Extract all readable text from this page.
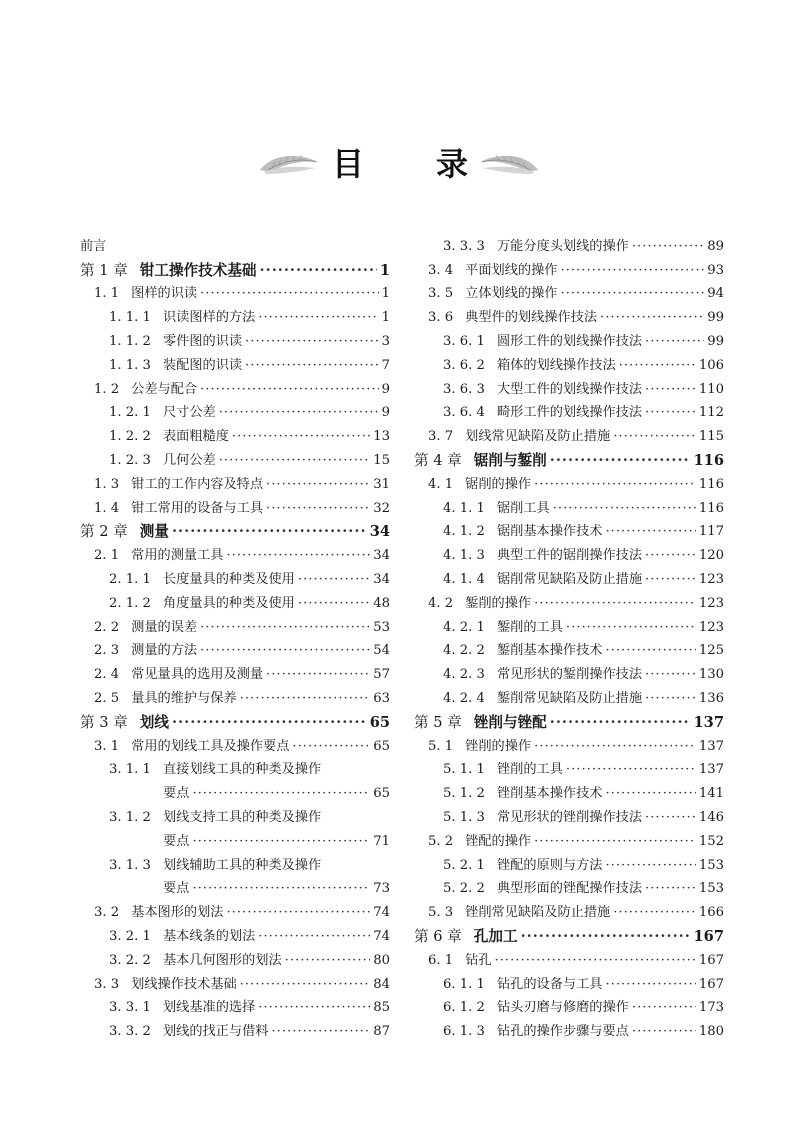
目 录
前言
第 1 章 钳工操作技术基础 ·····	1
1. 1 图样的识读 ·····	1
1. 1. 1 识读图样的方法 ·····	1
1. 1. 2 零件图的识读 ·····	3
1. 1. 3 装配图的识读 ·····	7
1. 2 公差与配合 ·····	9
1. 2. 1 尺寸公差 ·····	9
1. 2. 2 表面粗糙度 ·····	13
1. 2. 3 几何公差 ·····	15
1. 3 钳工的工作内容及特点 ·····	31
1. 4 钳工常用的设备与工具 ·····	32
第 2 章 测量 ·····	34
2. 1 常用的测量工具 ·····	34
2. 1. 1 长度量具的种类及使用 ·····	34
2. 1. 2 角度量具的种类及使用 ·····	48
2. 2 测量的误差 ·····	53
2. 3 测量的方法 ·····	54
2. 4 常见量具的选用及测量 ·····	57
2. 5 量具的维护与保养 ·····	63
第 3 章 划线 ·····	65
3. 1 常用的划线工具及操作要点 ·····	65
3. 1. 1 直接划线工具的种类及操作
要点 ·····	65
3. 1. 2 划线支持工具的种类及操作
要点 ·····	71
3. 1. 3 划线辅助工具的种类及操作
要点 ·····	73
3. 2 基本图形的划法 ·····	74
3. 2. 1 基本线条的划法 ·····	74
3. 2. 2 基本几何图形的划法 ·····	80
3. 3 划线操作技术基础 ·····	84
3. 3. 1 划线基准的选择 ·····	85
3. 3. 2 划线的找正与借料 ·····	87
3. 3. 3 万能分度头划线的操作 ·····	89
3. 4 平面划线的操作 ·····	93
3. 5 立体划线的操作 ·····	94
3. 6 典型件的划线操作技法 ·····	99
3. 6. 1 圆形工件的划线操作技法 ·····	99
3. 6. 2 箱体的划线操作技法 ·····	106
3. 6. 3 大型工件的划线操作技法 ·····	110
3. 6. 4 畸形工件的划线操作技法 ·····	112
3. 7 划线常见缺陷及防止措施 ·····	115
第 4 章 锯削与錾削 ·····	116
4. 1 锯削的操作 ·····	116
4. 1. 1 锯削工具 ·····	116
4. 1. 2 锯削基本操作技术 ·····	117
4. 1. 3 典型工件的锯削操作技法 ·····	120
4. 1. 4 锯削常见缺陷及防止措施 ·····	123
4. 2 錾削的操作 ·····	123
4. 2. 1 錾削的工具 ·····	123
4. 2. 2 錾削基本操作技术 ·····	125
4. 2. 3 常见形状的錾削操作技法 ·····	130
4. 2. 4 錾削常见缺陷及防止措施 ·····	136
第 5 章 锉削与锉配 ·····	137
5. 1 锉削的操作 ·····	137
5. 1. 1 锉削的工具 ·····	137
5. 1. 2 锉削基本操作技术 ·····	141
5. 1. 3 常见形状的锉削操作技法 ·····	146
5. 2 锉配的操作 ·····	152
5. 2. 1 锉配的原则与方法 ·····	153
5. 2. 2 典型形面的锉配操作技法 ·····	153
5. 3 锉削常见缺陷及防止措施 ·····	166
第 6 章 孔加工 ·····	167
6. 1 钻孔 ·····	167
6. 1. 1 钻孔的设备与工具 ·····	167
6. 1. 2 钻头刃磨与修磨的操作 ·····	173
6. 1. 3 钻孔的操作步骤与要点 ·····	180
